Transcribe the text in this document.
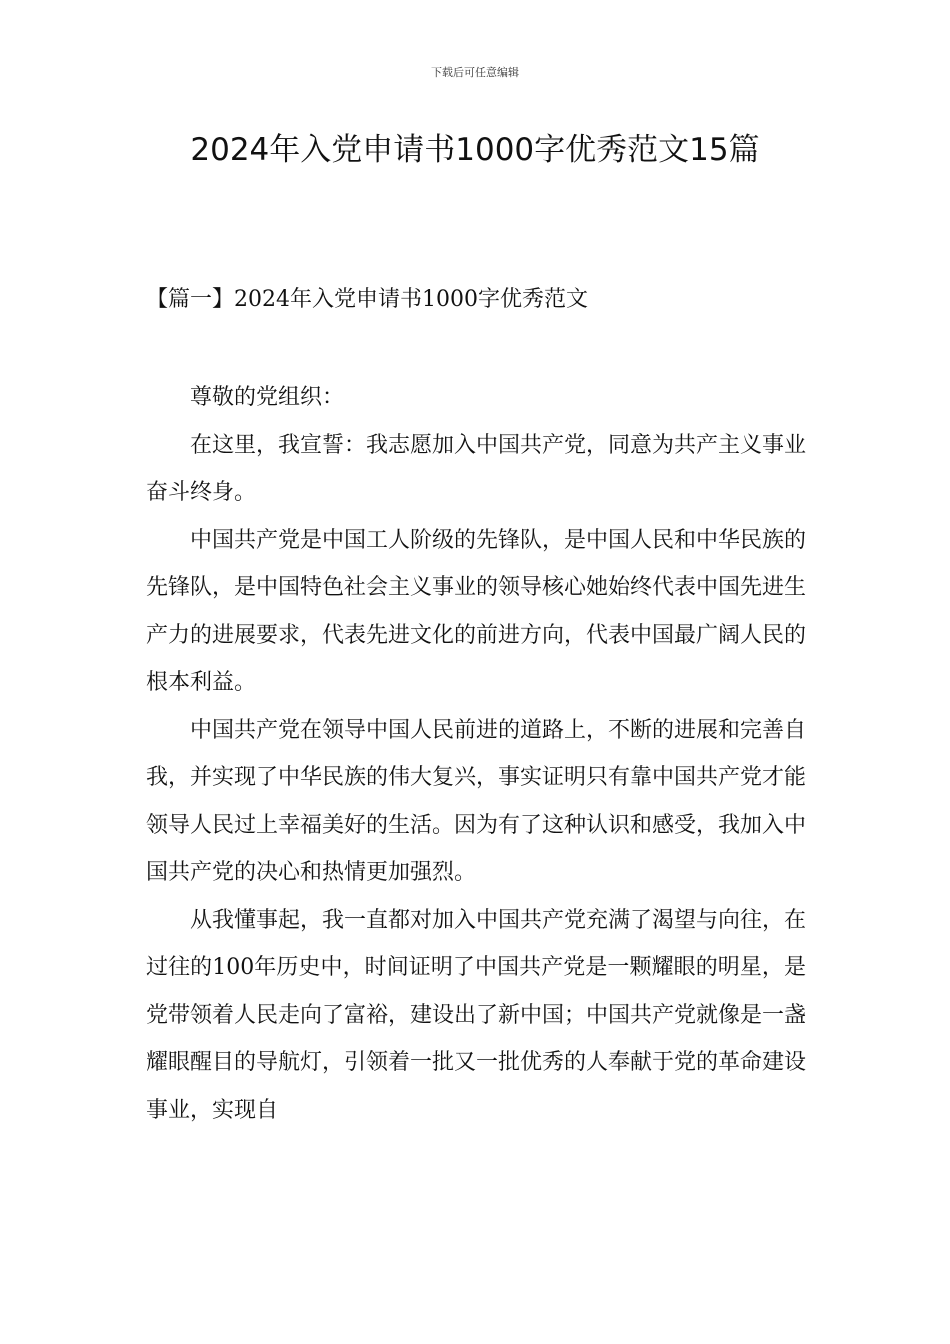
下载后可任意编辑
2024年入党申请书1000字优秀范文15篇
【篇一】2024年入党申请书1000字优秀范文

尊敬的党组织：

在这里，我宣誓：我志愿加入中国共产党，同意为共产主义事业奋斗终身。

中国共产党是中国工人阶级的先锋队，是中国人民和中华民族的先锋队，是中国特色社会主义事业的领导核心她始终代表中国先进生产力的进展要求，代表先进文化的前进方向，代表中国最广阔人民的根本利益。

中国共产党在领导中国人民前进的道路上，不断的进展和完善自我，并实现了中华民族的伟大复兴，事实证明只有靠中国共产党才能领导人民过上幸福美好的生活。因为有了这种认识和感受，我加入中国共产党的决心和热情更加强烈。

从我懂事起，我一直都对加入中国共产党充满了渴望与向往，在过往的100年历史中，时间证明了中国共产党是一颗耀眼的明星，是党带领着人民走向了富裕，建设出了新中国；中国共产党就像是一盏耀眼醒目的导航灯，引领着一批又一批优秀的人奉献于党的革命建设事业，实现自
